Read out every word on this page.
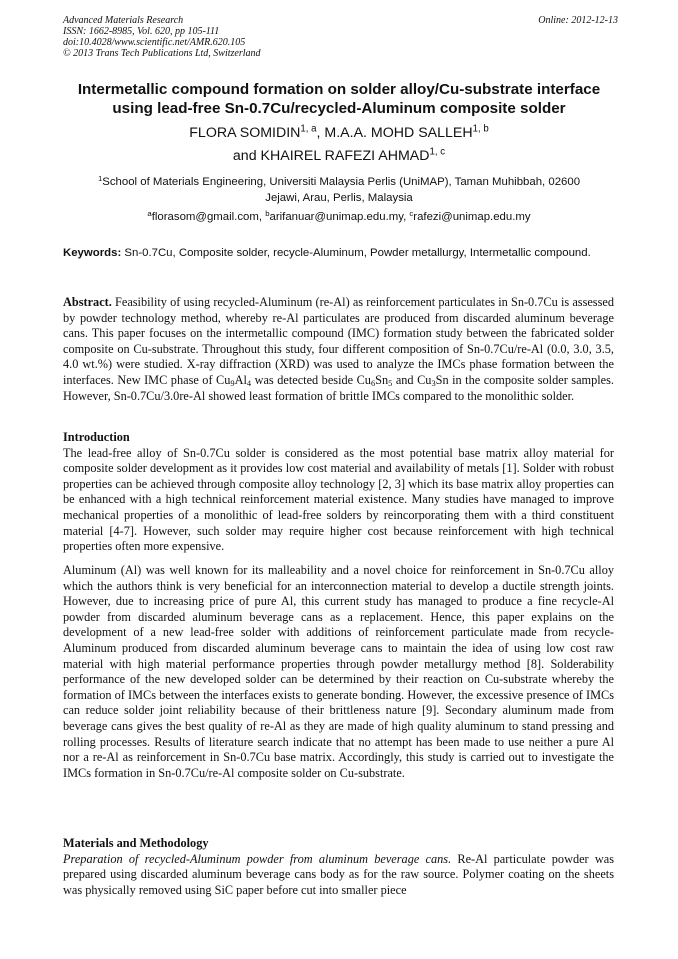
Advanced Materials Research
ISSN: 1662-8985, Vol. 620, pp 105-111
doi:10.4028/www.scientific.net/AMR.620.105
© 2013 Trans Tech Publications Ltd, Switzerland
Online: 2012-12-13
Intermetallic compound formation on solder alloy/Cu-substrate interface
using lead-free Sn-0.7Cu/recycled-Aluminum composite solder
FLORA SOMIDIN$^{1, a}$, M.A.A. MOHD SALLEH$^{1, b}$
and KHAIREL RAFEZI AHMAD$^{1, c}$
$^1$School of Materials Engineering, Universiti Malaysia Perlis (UniMAP), Taman Muhibbah, 02600
Jejawi, Arau, Perlis, Malaysia
$^a$florasom@gmail.com, $^b$arifanuar@unimap.edu.my, $^c$rafezi@unimap.edu.my
Keywords: Sn-0.7Cu, Composite solder, recycle-Aluminum, Powder metallurgy, Intermetallic compound.
Abstract. Feasibility of using recycled-Aluminum (re-Al) as reinforcement particulates in Sn-0.7Cu is assessed by powder technology method, whereby re-Al particulates are produced from discarded aluminum beverage cans. This paper focuses on the intermetallic compound (IMC) formation study between the fabricated solder composite on Cu-substrate. Throughout this study, four different composition of Sn-0.7Cu/re-Al (0.0, 3.0, 3.5, 4.0 wt.%) were studied. X-ray diffraction (XRD) was used to analyze the IMCs phase formation between the interfaces. New IMC phase of $Cu_9Al_4$ was detected beside $Cu_6Sn_5$ and $Cu_3Sn$ in the composite solder samples. However, Sn-0.7Cu/3.0re-Al showed least formation of brittle IMCs compared to the monolithic solder.
Introduction

The lead-free alloy of Sn-0.7Cu solder is considered as the most potential base matrix alloy material for composite solder development as it provides low cost material and availability of metals [1]. Solder with robust properties can be achieved through composite alloy technology [2, 3] which its base matrix alloy properties can be enhanced with a high technical reinforcement material existence. Many studies have managed to improve mechanical properties of a monolithic of lead-free solders by reincorporating them with a third constituent material [4-7]. However, such solder may require higher cost because reinforcement with high technical properties often more expensive.

Aluminum (Al) was well known for its malleability and a novel choice for reinforcement in Sn-0.7Cu alloy which the authors think is very beneficial for an interconnection material to develop a ductile strength joints. However, due to increasing price of pure Al, this current study has managed to produce a fine recycle-Al powder from discarded aluminum beverage cans as a replacement. Hence, this paper explains on the development of a new lead-free solder with additions of reinforcement particulate made from recycle-Aluminum produced from discarded aluminum beverage cans to maintain the idea of using low cost raw material with high material performance properties through powder metallurgy method [8]. Solderability performance of the new developed solder can be determined by their reaction on Cu-substrate whereby the formation of IMCs between the interfaces exists to generate bonding. However, the excessive presence of IMCs can reduce solder joint reliability because of their brittleness nature [9]. Secondary aluminum made from beverage cans gives the best quality of re-Al as they are made of high quality aluminum to stand pressing and rolling processes. Results of literature search indicate that no attempt has been made to use neither a pure Al nor a re-Al as reinforcement in Sn-0.7Cu base matrix. Accordingly, this study is carried out to investigate the IMCs formation in Sn-0.7Cu/re-Al composite solder on Cu-substrate.

Materials and Methodology

Preparation of recycled-Aluminum powder from aluminum beverage cans. Re-Al particulate powder was prepared using discarded aluminum beverage cans body as for the raw source. Polymer coating on the sheets was physically removed using SiC paper before cut into smaller piece
